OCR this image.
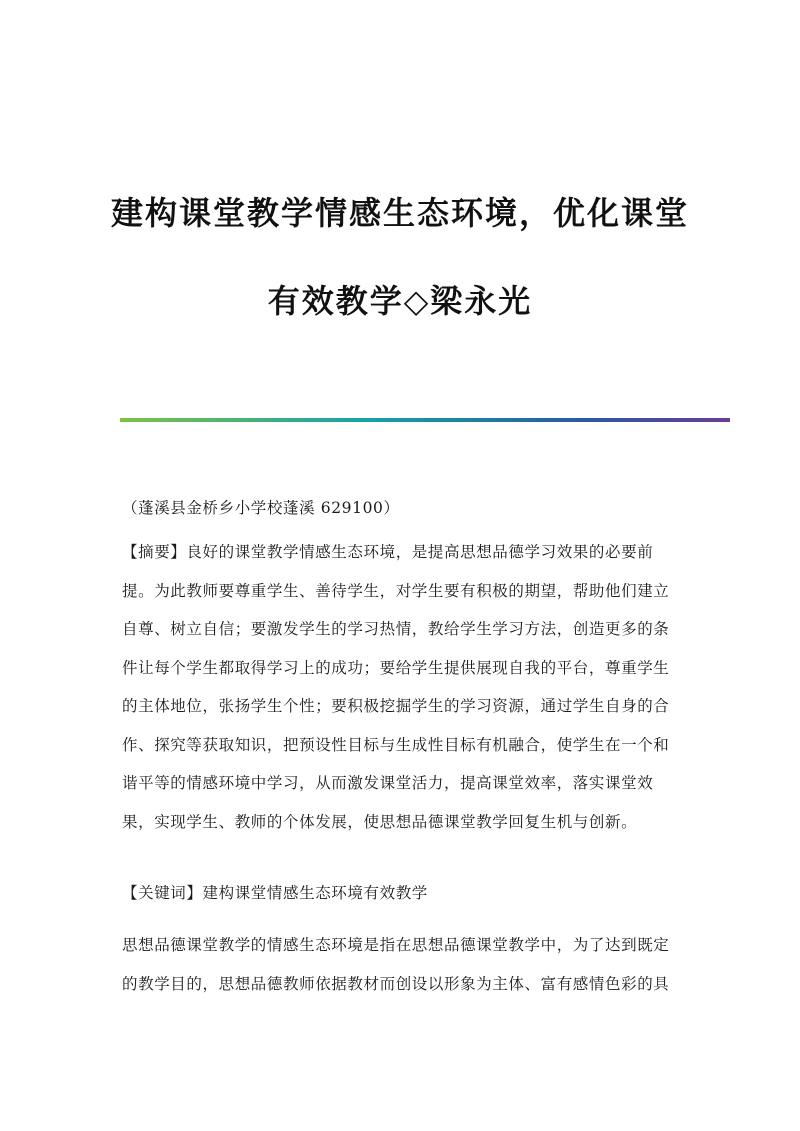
建构课堂教学情感生态环境，优化课堂
有效教学◇梁永光
（蓬溪县金桥乡小学校蓬溪 629100）
【摘要】良好的课堂教学情感生态环境，是提高思想品德学习效果的必要前
提。为此教师要尊重学生、善待学生，对学生要有积极的期望，帮助他们建立
自尊、树立自信；要激发学生的学习热情，教给学生学习方法，创造更多的条
件让每个学生都取得学习上的成功；要给学生提供展现自我的平台，尊重学生
的主体地位，张扬学生个性；要积极挖掘学生的学习资源，通过学生自身的合
作、探究等获取知识，把预设性目标与生成性目标有机融合，使学生在一个和
谐平等的情感环境中学习，从而激发课堂活力，提高课堂效率，落实课堂效
果，实现学生、教师的个体发展，使思想品德课堂教学回复生机与创新。
【关键词】建构课堂情感生态环境有效教学
思想品德课堂教学的情感生态环境是指在思想品德课堂教学中，为了达到既定
的教学目的，思想品德教师依据教材而创设以形象为主体、富有感情色彩的具
